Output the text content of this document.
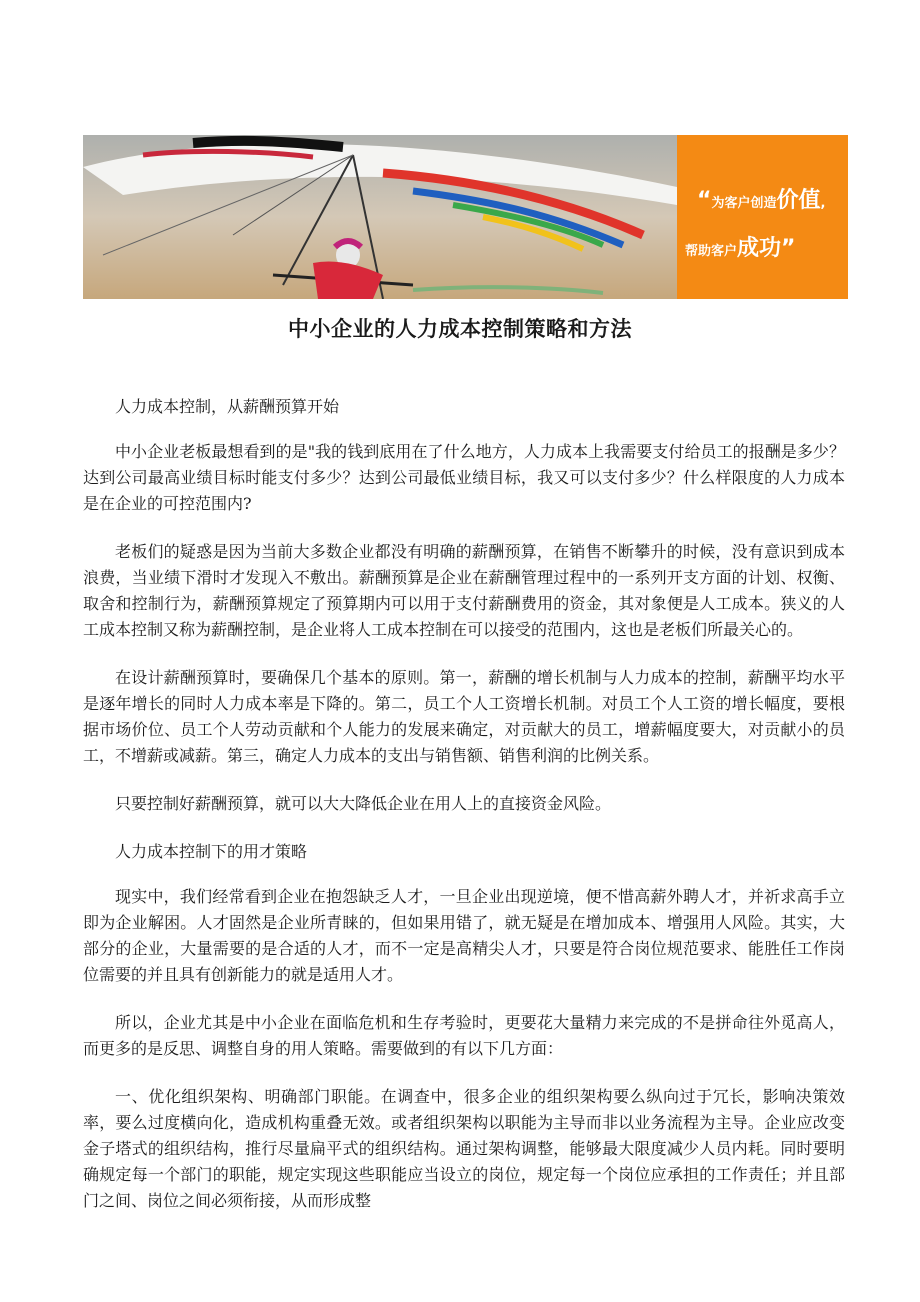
“为客户创造价值,
帮助客户成功”
中小企业的人力成本控制策略和方法

人力成本控制，从薪酬预算开始

中小企业老板最想看到的是"我的钱到底用在了什么地方，人力成本上我需要支付给员工的报酬是多少？达到公司最高业绩目标时能支付多少？达到公司最低业绩目标，我又可以支付多少？什么样限度的人力成本是在企业的可控范围内?

老板们的疑惑是因为当前大多数企业都没有明确的薪酬预算，在销售不断攀升的时候，没有意识到成本浪费，当业绩下滑时才发现入不敷出。薪酬预算是企业在薪酬管理过程中的一系列开支方面的计划、权衡、取舍和控制行为，薪酬预算规定了预算期内可以用于支付薪酬费用的资金，其对象便是人工成本。狭义的人工成本控制又称为薪酬控制，是企业将人工成本控制在可以接受的范围内，这也是老板们所最关心的。

在设计薪酬预算时，要确保几个基本的原则。第一，薪酬的增长机制与人力成本的控制，薪酬平均水平是逐年增长的同时人力成本率是下降的。第二，员工个人工资增长机制。对员工个人工资的增长幅度，要根据市场价位、员工个人劳动贡献和个人能力的发展来确定，对贡献大的员工，增薪幅度要大，对贡献小的员工，不增薪或减薪。第三，确定人力成本的支出与销售额、销售利润的比例关系。

只要控制好薪酬预算，就可以大大降低企业在用人上的直接资金风险。

人力成本控制下的用才策略

现实中，我们经常看到企业在抱怨缺乏人才，一旦企业出现逆境，便不惜高薪外聘人才，并祈求高手立即为企业解困。人才固然是企业所青睐的，但如果用错了，就无疑是在增加成本、增强用人风险。其实，大部分的企业，大量需要的是合适的人才，而不一定是高精尖人才，只要是符合岗位规范要求、能胜任工作岗位需要的并且具有创新能力的就是适用人才。

所以，企业尤其是中小企业在面临危机和生存考验时，更要花大量精力来完成的不是拼命往外觅高人，而更多的是反思、调整自身的用人策略。需要做到的有以下几方面：

一、优化组织架构、明确部门职能。在调查中，很多企业的组织架构要么纵向过于冗长，影响决策效率，要么过度横向化，造成机构重叠无效。或者组织架构以职能为主导而非以业务流程为主导。企业应改变金子塔式的组织结构，推行尽量扁平式的组织结构。通过架构调整，能够最大限度减少人员内耗。同时要明确规定每一个部门的职能，规定实现这些职能应当设立的岗位，规定每一个岗位应承担的工作责任；并且部门之间、岗位之间必须衔接，从而形成整
